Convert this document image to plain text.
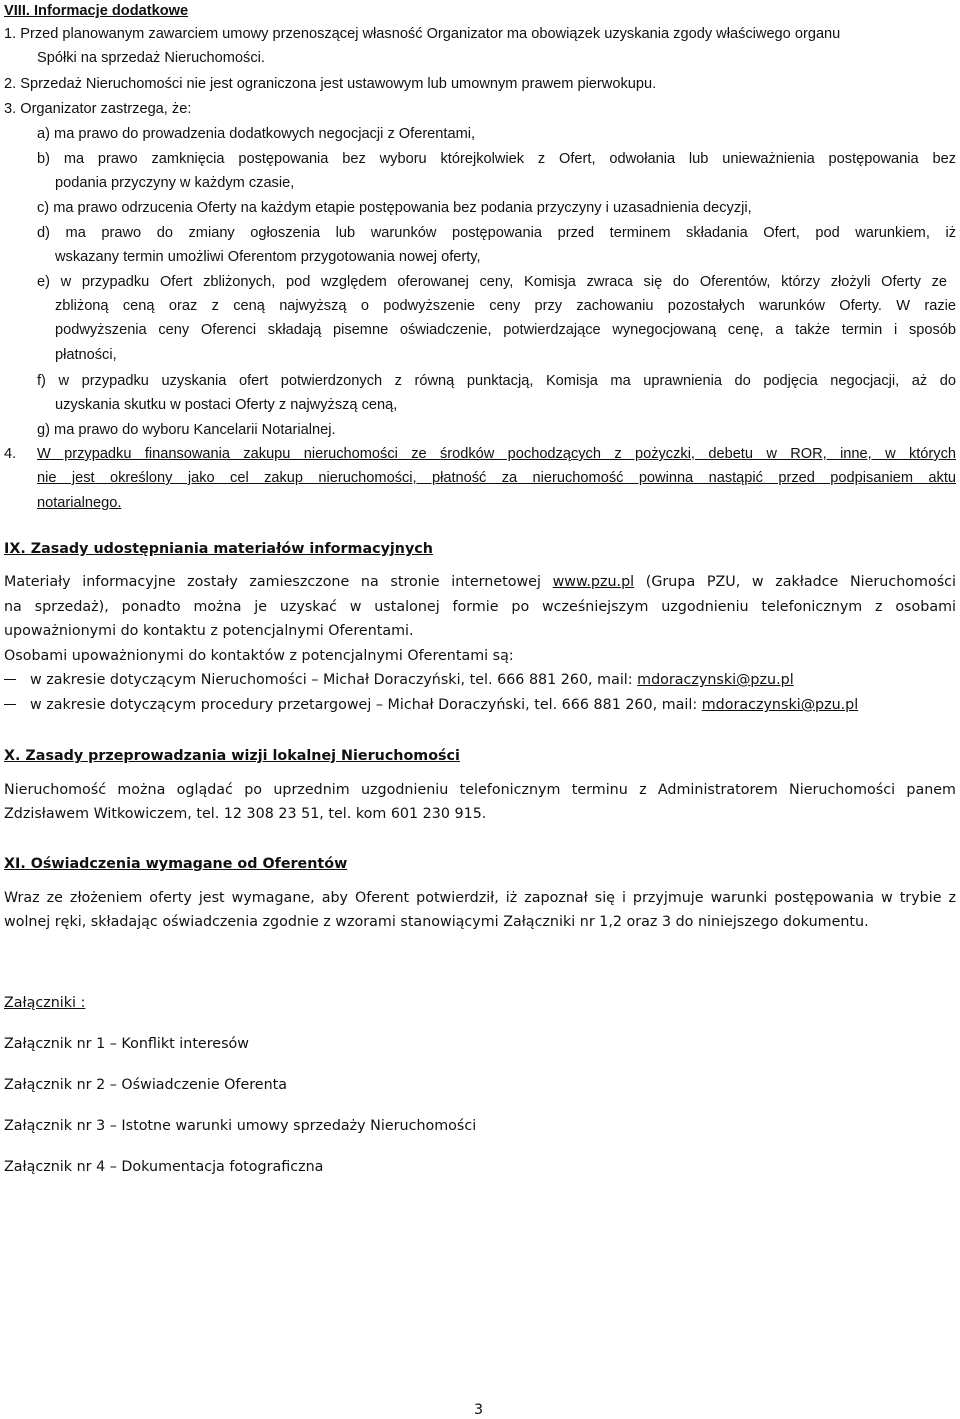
VIII. Informacje dodatkowe
1. Przed planowanym zawarciem umowy przenoszącej własność Organizator ma obowiązek uzyskania zgody właściwego organu
Spółki na sprzedaż Nieruchomości.
2. Sprzedaż Nieruchomości nie jest ograniczona jest ustawowym lub umownym prawem pierwokupu.
3. Organizator zastrzega, że:
a) ma prawo do prowadzenia dodatkowych negocjacji z Oferentami,
b) ma prawo zamknięcia postępowania bez wyboru którejkolwiek z Ofert, odwołania lub unieważnienia postępowania bez
podania przyczyny w każdym czasie,
c) ma prawo odrzucenia Oferty na każdym etapie postępowania bez podania przyczyny i uzasadnienia decyzji,
d) ma prawo do zmiany ogłoszenia lub warunków postępowania przed terminem składania Ofert, pod warunkiem, iż
wskazany termin umożliwi Oferentom przygotowania nowej oferty,
e) w przypadku Ofert zbliżonych, pod względem oferowanej ceny, Komisja zwraca się do Oferentów, którzy złożyli Oferty ze
zbliżoną ceną oraz z ceną najwyższą o podwyższenie ceny przy zachowaniu pozostałych warunków Oferty. W razie
podwyższenia ceny Oferenci składają pisemne oświadczenie, potwierdzające wynegocjowaną cenę, a także termin i sposób
płatności,
f) w przypadku uzyskania ofert potwierdzonych z równą punktacją, Komisja ma uprawnienia do podjęcia negocjacji, aż do
uzyskania skutku w postaci Oferty z najwyższą ceną,
g) ma prawo do wyboru Kancelarii Notarialnej.
4. W przypadku finansowania zakupu nieruchomości ze środków pochodzących z pożyczki, debetu w ROR, inne, w których
nie jest określony jako cel zakup nieruchomości, płatność za nieruchomość powinna nastąpić przed podpisaniem aktu
notarialnego.
IX. Zasady udostępniania materiałów informacyjnych
Materiały informacyjne zostały zamieszczone na stronie internetowej www.pzu.pl (Grupa PZU, w zakładce Nieruchomości
na sprzedaż), ponadto można je uzyskać w ustalonej formie po wcześniejszym uzgodnieniu telefonicznym z osobami
upoważnionymi do kontaktu z potencjalnymi Oferentami.
Osobami upoważnionymi do kontaktów z potencjalnymi Oferentami są:
w zakresie dotyczącym Nieruchomości – Michał Doraczyński, tel. 666 881 260, mail: mdoraczynski@pzu.pl
w zakresie dotyczącym procedury przetargowej – Michał Doraczyński, tel. 666 881 260, mail: mdoraczynski@pzu.pl
X. Zasady przeprowadzania wizji lokalnej Nieruchomości
Nieruchomość można oglądać po uprzednim uzgodnieniu telefonicznym terminu z Administratorem Nieruchomości panem
Zdzisławem Witkowiczem, tel. 12 308 23 51, tel. kom 601 230 915.
XI. Oświadczenia wymagane od Oferentów
Wraz ze złożeniem oferty jest wymagane, aby Oferent potwierdził, iż zapoznał się i przyjmuje warunki postępowania w trybie z
wolnej ręki, składając oświadczenia zgodnie z wzorami stanowiącymi Załączniki nr 1,2 oraz 3 do niniejszego dokumentu.
Załączniki :
Załącznik nr 1 – Konflikt interesów
Załącznik nr 2 – Oświadczenie Oferenta
Załącznik nr 3 – Istotne warunki umowy sprzedaży Nieruchomości
Załącznik nr 4 – Dokumentacja fotograficzna
3
